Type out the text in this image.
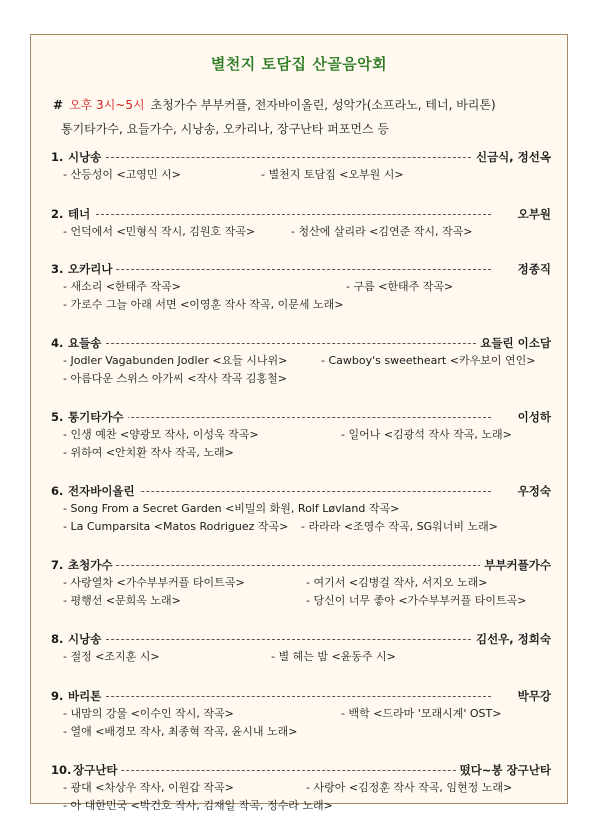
별천지 토담집 산골음악회
# 오후 3시~5시 초청가수 부부커플, 전자바이올린, 성악가(소프라노, 테너, 바리톤)
통기타가수, 요들가수, 시낭송, 오카리나, 장구난타 퍼포먼스 등
1. 시낭송	신금식, 정선옥
- 산등성이 <고영민 시>	- 별천지 토담집 <오부원 시>
2. 테너	오부원
- 언덕에서 <민형식 작시, 김원호 작곡>	- 청산에 살리라 <김연준 작시, 작곡>
3. 오카리나	정종직
- 새소리 <한태주 작곡>	- 구름 <한태주 작곡>
- 가로수 그늘 아래 서면 <이영훈 작사 작곡, 이문세 노래>
4. 요들송	요들린 이소담
- Jodler Vagabunden Jodler <요들 시나위>	- Cawboy's sweetheart <카우보이 연인>
- 아름다운 스위스 아가씨 <작사 작곡 김홍철>
5. 통기타가수	이성하
- 인생 예찬 <양광모 작사, 이성욱 작곡>	- 일어나 <김광석 작사 작곡, 노래>
- 위하여 <안치환 작사 작곡, 노래>
6. 전자바이올린	우정숙
- Song From a Secret Garden <비밀의 화원, Rolf Løvland 작곡>
- La Cumparsita <Matos Rodriguez 작곡> - 라라라 <조영수 작곡, SG워너비 노래>
7. 초청가수	부부커플가수
- 사랑열차 <가수부부커플 타이트곡>	- 여기서 <김병걸 작사, 서지오 노래>
- 평행선 <문희옥 노래>	- 당신이 너무 좋아 <가수부부커플 타이트곡>
8. 시낭송	김선우, 정희숙
- 절정 <조지훈 시>	- 별 헤는 밤 <윤동주 시>
9. 바리톤	박무강
- 내맘의 강물 <이수인 작시, 작곡>	- 백학 <드라마 '모래시계' OST>
- 열애 <배경모 작사, 최종혁 작곡, 윤시내 노래>
10. 장구난타	떴다~봉 장구난타
- 광대 <차상우 작사, 이원갑 작곡>	- 사랑아 <김정훈 작사 작곡, 임현정 노래>
- 아 대한민국 <박건호 작사, 김재일 작곡, 정수라 노래>
